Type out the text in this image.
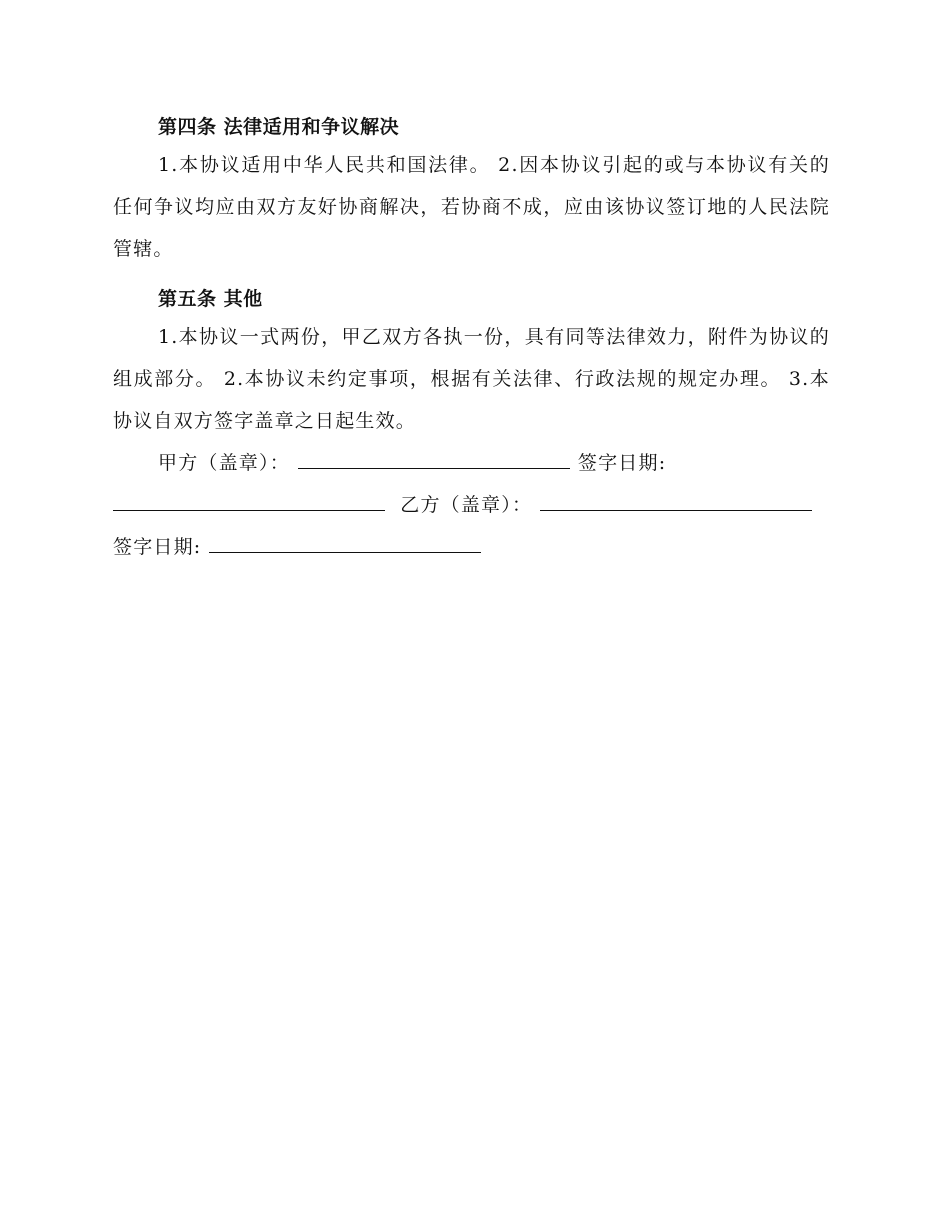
第四条 法律适用和争议解决

1.本协议适用中华人民共和国法律。 2.因本协议引起的或与本协议有关的任何争议均应由双方友好协商解决，若协商不成，应由该协议签订地的人民法院管辖。

第五条 其他

1.本协议一式两份，甲乙双方各执一份，具有同等法律效力，附件为协议的组成部分。 2.本协议未约定事项，根据有关法律、行政法规的规定办理。 3.本协议自双方签字盖章之日起生效。

甲方（盖章）：	签字日期:
乙方（盖章）：
签字日期:
